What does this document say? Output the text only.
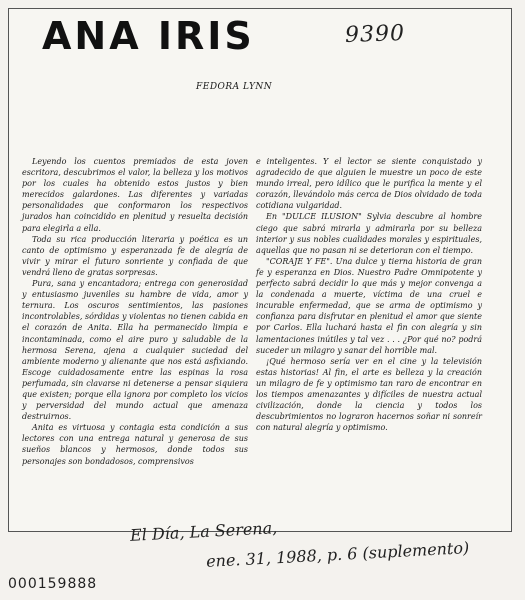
ANA IRIS
FEDORA LYNN

Leyendo los cuentos premiados de esta joven escritora, descubrimos el valor, la belleza y los motivos por los cuales ha obtenido estos justos y bien merecidos galardones. Las diferentes y variadas personalidades que conformaron los respectivos jurados han coincidido en plenitud y resuelta decisión para elegirla a ella.

Toda su rica producción literaria y poética es un canto de optimismo y esperanzada fe de alegría de vivir y mirar el futuro sonriente y confiada de que vendrá lleno de gratas sorpresas.

Pura, sana y encantadora; entrega con generosidad y entusiasmo juveniles su hambre de vida, amor y ternura. Los oscuros sentimientos, las pasiones incontrolables, sórdidas y violentas no tienen cabida en el corazón de Anita. Ella ha permanecido limpia e incontaminada, como el aire puro y saludable de la hermosa Serena, ajena a cualquier suciedad del ambiente moderno y alienante que nos está asfixiando. Escoge cuidadosamente entre las espinas la rosa perfumada, sin clavarse ni detenerse a pensar siquiera que existen; porque ella ignora por completo los vicios y perversidad del mundo actual que amenaza destruirnos.

Anita es virtuosa y contagia esta condición a sus lectores con una entrega natural y generosa de sus sueños blancos y hermosos, donde todos sus personajes son bondadosos, comprensivos

e inteligentes. Y el lector se siente conquistado y agradecido de que alguien le muestre un poco de este mundo irreal, pero idílico que le purifica la mente y el corazón, llevándolo más cerca de Dios olvidado de toda cotidiana vulgaridad.

En "DULCE ILUSION" Sylvia descubre al hombre ciego que sabrá mirarla y admirarla por su belleza interior y sus nobles cualidades morales y espirituales, aquellas que no pasan ni se deterioran con el tiempo.

"CORAJE Y FE". Una dulce y tierna historia de gran fe y esperanza en Dios. Nuestro Padre Omnipotente y perfecto sabrá decidir lo que más y mejor convenga a la condenada a muerte, víctima de una cruel e incurable enfermedad, que se arma de optimismo y confianza para disfrutar en plenitud el amor que siente por Carlos. Ella luchará hasta el fin con alegría y sin lamentaciones inútiles y tal vez . . . ¿Por qué no? podrá suceder un milagro y sanar del horrible mal.

¡Qué hermoso sería ver en el cine y la televisión estas historias! Al fin, el arte es belleza y la creación un milagro de fe y optimismo tan raro de encontrar en los tiempos amenazantes y difíciles de nuestra actual civilización, donde la ciencia y todos los descubrimientos no lograron hacernos soñar ni sonreír con natural alegría y optimismo.

9390
El Día, La Serena,
ene. 31, 1988, p. 6 (suplemento)
000159888
